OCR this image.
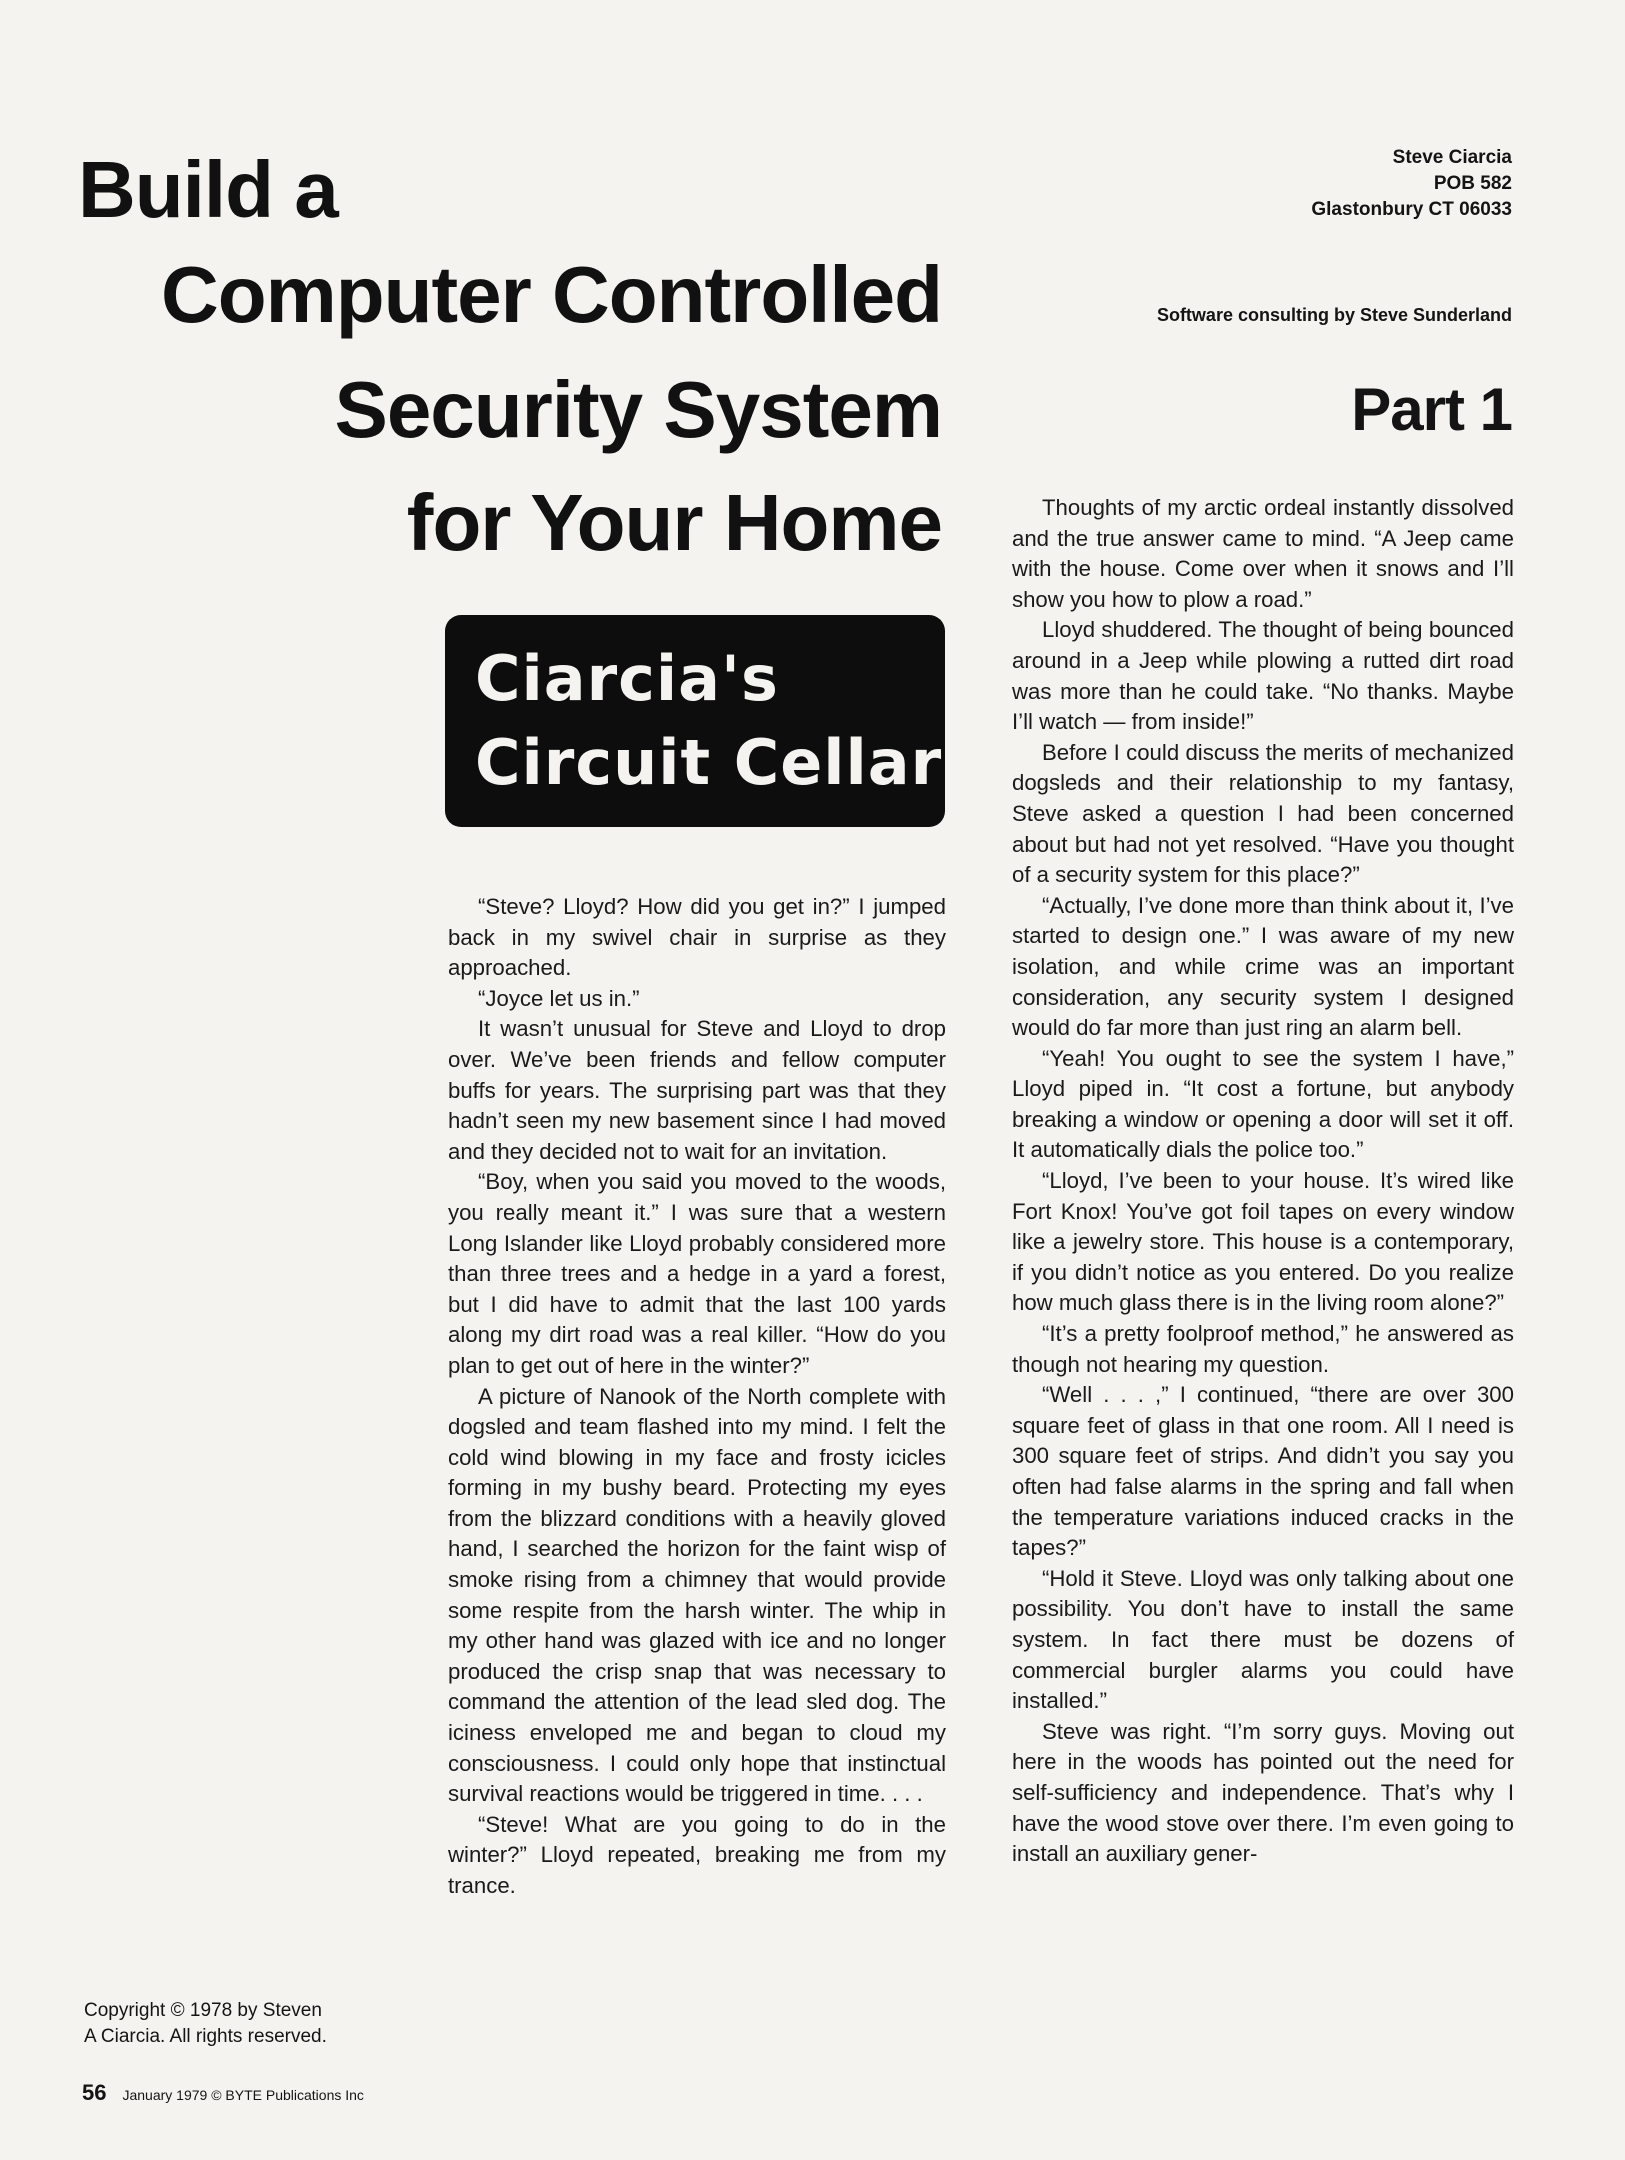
Build a
Computer Controlled
Security System
for Your Home
Steve Ciarcia
POB 582
Glastonbury CT 06033
Software consulting by Steve Sunderland
Part 1
Ciarcia's
Circuit Cellar

“Steve? Lloyd? How did you get in?” I jumped back in my swivel chair in surprise as they approached.

“Joyce let us in.”

It wasn’t unusual for Steve and Lloyd to drop over. We’ve been friends and fellow computer buffs for years. The surprising part was that they hadn’t seen my new basement since I had moved and they decided not to wait for an invitation.

“Boy, when you said you moved to the woods, you really meant it.” I was sure that a western Long Islander like Lloyd probably considered more than three trees and a hedge in a yard a forest, but I did have to admit that the last 100 yards along my dirt road was a real killer. “How do you plan to get out of here in the winter?”

A picture of Nanook of the North complete with dogsled and team flashed into my mind. I felt the cold wind blowing in my face and frosty icicles forming in my bushy beard. Protecting my eyes from the blizzard conditions with a heavily gloved hand, I searched the horizon for the faint wisp of smoke rising from a chimney that would provide some respite from the harsh winter. The whip in my other hand was glazed with ice and no longer produced the crisp snap that was necessary to command the attention of the lead sled dog. The iciness enveloped me and began to cloud my consciousness. I could only hope that instinctual survival reactions would be triggered in time. . . .

“Steve! What are you going to do in the winter?” Lloyd repeated, breaking me from my trance.

Thoughts of my arctic ordeal instantly dissolved and the true answer came to mind. “A Jeep came with the house. Come over when it snows and I’ll show you how to plow a road.”

Lloyd shuddered. The thought of being bounced around in a Jeep while plowing a rutted dirt road was more than he could take. “No thanks. Maybe I’ll watch — from inside!”

Before I could discuss the merits of mechanized dogsleds and their relationship to my fantasy, Steve asked a question I had been concerned about but had not yet resolved. “Have you thought of a security system for this place?”

“Actually, I’ve done more than think about it, I’ve started to design one.” I was aware of my new isolation, and while crime was an important consideration, any security system I designed would do far more than just ring an alarm bell.

“Yeah! You ought to see the system I have,” Lloyd piped in. “It cost a fortune, but anybody breaking a window or opening a door will set it off. It automatically dials the police too.”

“Lloyd, I’ve been to your house. It’s wired like Fort Knox! You’ve got foil tapes on every window like a jewelry store. This house is a contemporary, if you didn’t notice as you entered. Do you realize how much glass there is in the living room alone?”

“It’s a pretty foolproof method,” he answered as though not hearing my question.

“Well . . . ,” I continued, “there are over 300 square feet of glass in that one room. All I need is 300 square feet of strips. And didn’t you say you often had false alarms in the spring and fall when the temperature variations induced cracks in the tapes?”

“Hold it Steve. Lloyd was only talking about one possibility. You don’t have to install the same system. In fact there must be dozens of commercial burgler alarms you could have installed.”

Steve was right. “I’m sorry guys. Moving out here in the woods has pointed out the need for self-sufficiency and independence. That’s why I have the wood stove over there. I’m even going to install an auxiliary gener-

Copyright © 1978 by Steven
A Ciarcia. All rights reserved.
56 January 1979 © BYTE Publications Inc
